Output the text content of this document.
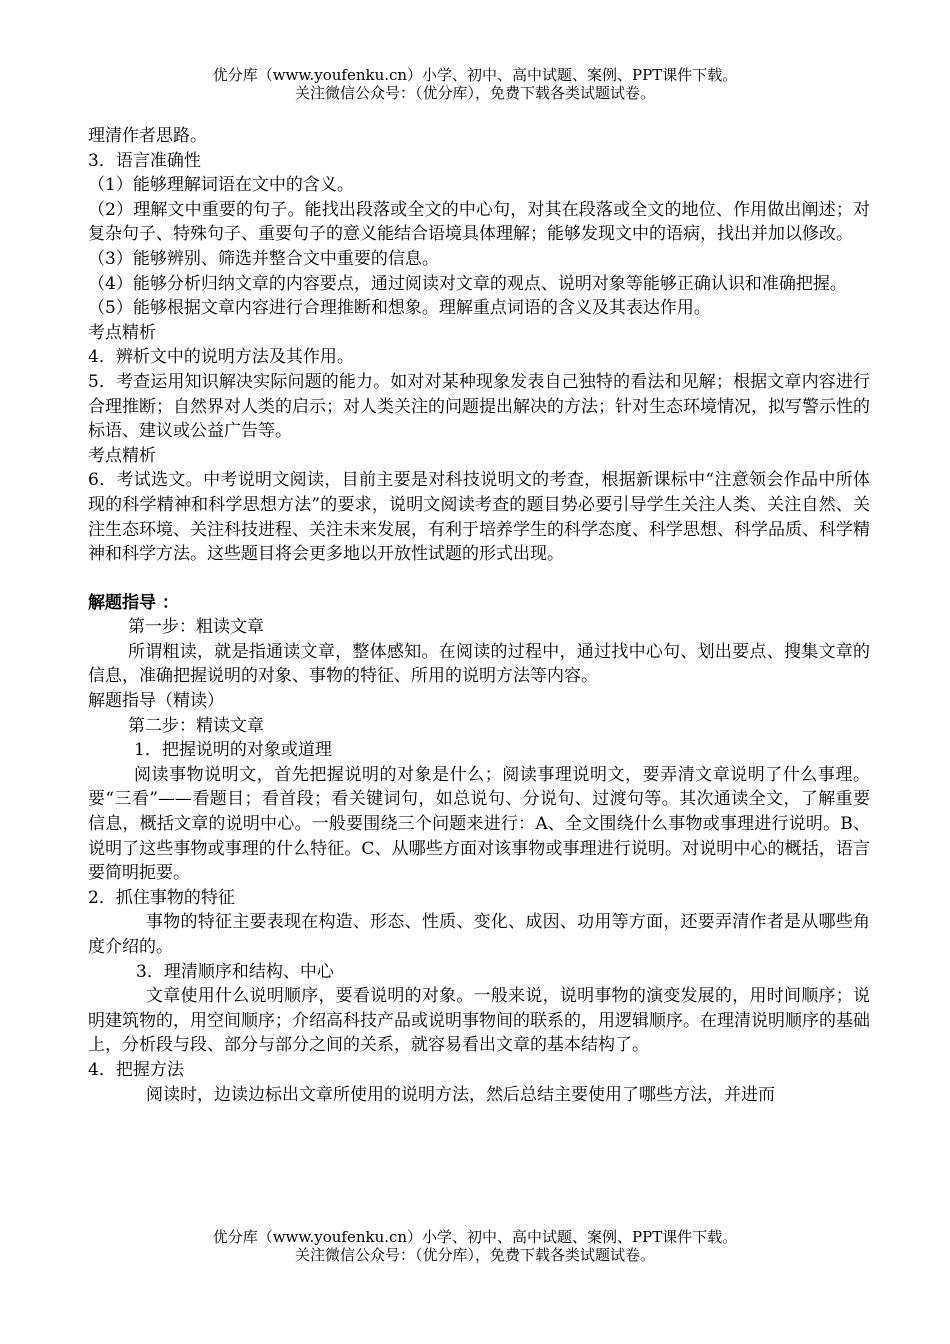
优分库（www.youfenku.cn）小学、初中、高中试题、案例、PPT课件下载。
关注微信公众号：（优分库），免费下载各类试题试卷。

理清作者思路。

3．语言准确性

（1）能够理解词语在文中的含义。

（2）理解文中重要的句子。能找出段落或全文的中心句，对其在段落或全文的地位、作用做出阐述；对复杂句子、特殊句子、重要句子的意义能结合语境具体理解；能够发现文中的语病，找出并加以修改。

（3）能够辨别、筛选并整合文中重要的信息。

（4）能够分析归纳文章的内容要点，通过阅读对文章的观点、说明对象等能够正确认识和准确把握。

（5）能够根据文章内容进行合理推断和想象。理解重点词语的含义及其表达作用。

考点精析

4．辨析文中的说明方法及其作用。

5．考查运用知识解决实际问题的能力。如对对某种现象发表自己独特的看法和见解；根据文章内容进行合理推断；自然界对人类的启示；对人类关注的问题提出解决的方法；针对生态环境情况，拟写警示性的标语、建议或公益广告等。

考点精析

6．考试选文。中考说明文阅读，目前主要是对科技说明文的考查，根据新课标中“注意领会作品中所体现的科学精神和科学思想方法”的要求，说明文阅读考查的题目势必要引导学生关注人类、关注自然、关注生态环境、关注科技进程、关注未来发展，有利于培养学生的科学态度、科学思想、科学品质、科学精神和科学方法。这些题目将会更多地以开放性试题的形式出现。

解题指导 ：

第一步：粗读文章

所谓粗读，就是指通读文章，整体感知。在阅读的过程中，通过找中心句、划出要点、搜集文章的信息，准确把握说明的对象、事物的特征、所用的说明方法等内容。

解题指导（精读）

第二步：精读文章

1．把握说明的对象或道理

阅读事物说明文，首先把握说明的对象是什么；阅读事理说明文，要弄清文章说明了什么事理。要“三看”——看题目；看首段；看关键词句，如总说句、分说句、过渡句等。其次通读全文，了解重要信息，概括文章的说明中心。一般要围绕三个问题来进行：A、全文围绕什么事物或事理进行说明。B、说明了这些事物或事理的什么特征。C、从哪些方面对该事物或事理进行说明。对说明中心的概括，语言要简明扼要。

2．抓住事物的特征

事物的特征主要表现在构造、形态、性质、变化、成因、功用等方面，还要弄清作者是从哪些角度介绍的。

3．理清顺序和结构、中心

文章使用什么说明顺序，要看说明的对象。一般来说，说明事物的演变发展的，用时间顺序；说明建筑物的，用空间顺序；介绍高科技产品或说明事物间的联系的，用逻辑顺序。在理清说明顺序的基础上，分析段与段、部分与部分之间的关系，就容易看出文章的基本结构了。

4．把握方法

阅读时，边读边标出文章所使用的说明方法，然后总结主要使用了哪些方法，并进而

优分库（www.youfenku.cn）小学、初中、高中试题、案例、PPT课件下载。
关注微信公众号：（优分库），免费下载各类试题试卷。
